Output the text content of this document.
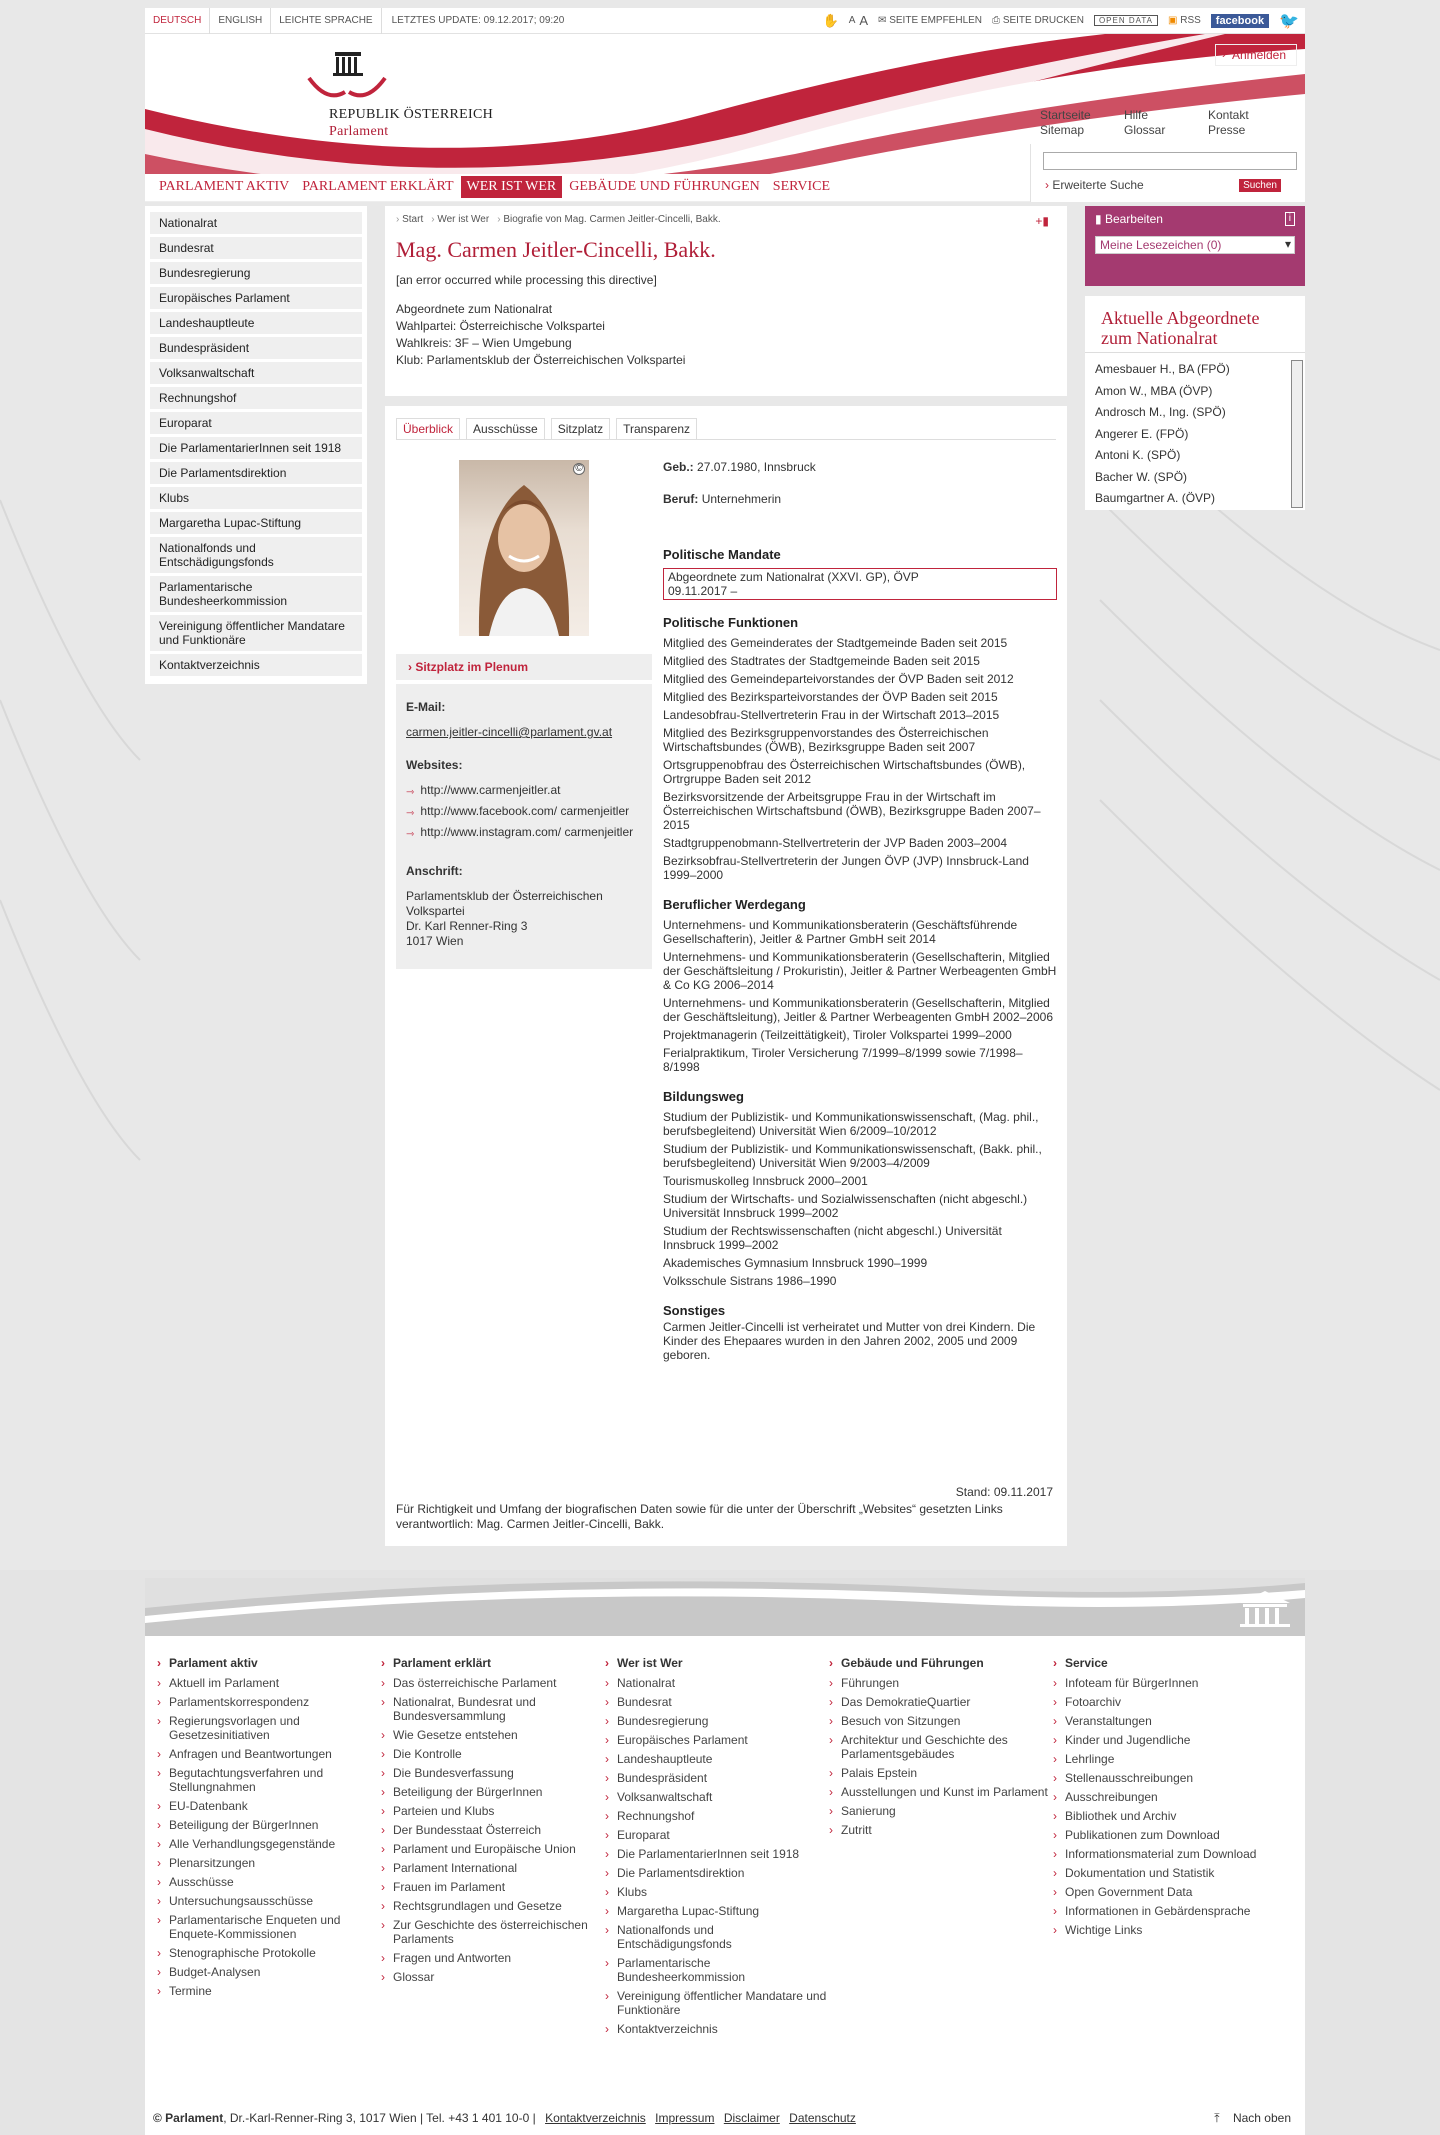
DEUTSCH	ENGLISH	LEICHTE SPRACHE	LETZTES UPDATE: 09.12.2017; 09:20	✋ A A ✉ SEITE EMPFEHLEN ⎙ SEITE DRUCKEN	OPEN DATA	▣ RSS	facebook 🐦
REPUBLIK ÖSTERREICH
Parlament
› Anmelden
Startseite	Hilfe	Kontakt
Sitemap	Glossar	Presse
PARLAMENT AKTIV PARLAMENT ERKLÄRT WER IST WER GEBÄUDE UND FÜHRUNGEN SERVICE	› Erweiterte Suche	Suchen
Nationalrat
Bundesrat
Bundesregierung
Europäisches Parlament
Landeshauptleute
Bundespräsident
Volksanwaltschaft
Rechnungshof
Europarat
Die ParlamentarierInnen seit 1918
Die Parlamentsdirektion
Klubs
Margaretha Lupac-Stiftung
Nationalfonds und Entschädigungsfonds
Parlamentarische Bundesheerkommission
Vereinigung öffentlicher Mandatare und Funktionäre
Kontaktverzeichnis
› Start	› Wer ist Wer	› Biografie von Mag. Carmen Jeitler-Cincelli, Bakk.	+▮
Mag. Carmen Jeitler-Cincelli, Bakk.
[an error occurred while processing this directive]
Abgeordnete zum Nationalrat
Wahlpartei: Österreichische Volkspartei
Wahlkreis: 3F – Wien Umgebung
Klub: Parlamentsklub der Österreichischen Volkspartei
Überblick	Ausschüsse	Sitzplatz	Transparenz
©
› Sitzplatz im Plenum
E-Mail:
carmen.jeitler-cincelli@parlament.gv.at
Websites:
⇾ http://www.carmenjeitler.at
⇾ http://www.facebook.com/ carmenjeitler
⇾ http://www.instagram.com/ carmenjeitler
Anschrift:
Parlamentsklub der Österreichischen Volkspartei
Dr. Karl Renner-Ring 3
1017 Wien
Geb.: 27.07.1980, Innsbruck
Beruf: Unternehmerin
Politische Mandate
Abgeordnete zum Nationalrat (XXVI. GP), ÖVP
09.11.2017 –
Politische Funktionen
Mitglied des Gemeinderates der Stadtgemeinde Baden seit 2015
Mitglied des Stadtrates der Stadtgemeinde Baden seit 2015
Mitglied des Gemeindeparteivorstandes der ÖVP Baden seit 2012
Mitglied des Bezirksparteivorstandes der ÖVP Baden seit 2015
Landesobfrau-Stellvertreterin Frau in der Wirtschaft 2013–2015
Mitglied des Bezirksgruppenvorstandes des Österreichischen Wirtschaftsbundes (ÖWB), Bezirksgruppe Baden seit 2007
Ortsgruppenobfrau des Österreichischen Wirtschaftsbundes (ÖWB), Ortrgruppe Baden seit 2012
Bezirksvorsitzende der Arbeitsgruppe Frau in der Wirtschaft im Österreichischen Wirtschaftsbund (ÖWB), Bezirksgruppe Baden 2007–2015
Stadtgruppenobmann-Stellvertreterin der JVP Baden 2003–2004
Bezirksobfrau-Stellvertreterin der Jungen ÖVP (JVP) Innsbruck-Land 1999–2000
Beruflicher Werdegang
Unternehmens- und Kommunikationsberaterin (Geschäftsführende Gesellschafterin), Jeitler & Partner GmbH seit 2014
Unternehmens- und Kommunikationsberaterin (Gesellschafterin, Mitglied der Geschäftsleitung / Prokuristin), Jeitler & Partner Werbeagenten GmbH & Co KG 2006–2014
Unternehmens- und Kommunikationsberaterin (Gesellschafterin, Mitglied der Geschäftsleitung), Jeitler & Partner Werbeagenten GmbH 2002–2006
Projektmanagerin (Teilzeittätigkeit), Tiroler Volkspartei 1999–2000
Ferialpraktikum, Tiroler Versicherung 7/1999–8/1999 sowie 7/1998–8/1998
Bildungsweg
Studium der Publizistik- und Kommunikationswissenschaft, (Mag. phil., berufsbegleitend) Universität Wien 6/2009–10/2012
Studium der Publizistik- und Kommunikationswissenschaft, (Bakk. phil., berufsbegleitend) Universität Wien 9/2003–4/2009
Tourismuskolleg Innsbruck 2000–2001
Studium der Wirtschafts- und Sozialwissenschaften (nicht abgeschl.) Universität Innsbruck 1999–2002
Studium der Rechtswissenschaften (nicht abgeschl.) Universität Innsbruck 1999–2002
Akademisches Gymnasium Innsbruck 1990–1999
Volksschule Sistrans 1986–1990
Sonstiges
Carmen Jeitler-Cincelli ist verheiratet und Mutter von drei Kindern. Die Kinder des Ehepaares wurden in den Jahren 2002, 2005 und 2009 geboren.
Stand: 09.11.2017
Für Richtigkeit und Umfang der biografischen Daten sowie für die unter der Überschrift „Websites“ gesetzten Links verantwortlich: Mag. Carmen Jeitler-Cincelli, Bakk.
▮ Bearbeiten	i
Meine Lesezeichen (0) ▾
Aktuelle Abgeordnete zum Nationalrat
Amesbauer H., BA (FPÖ)
Amon W., MBA (ÖVP)
Androsch M., Ing. (SPÖ)
Angerer E. (FPÖ)
Antoni K. (SPÖ)
Bacher W. (SPÖ)
Baumgartner A. (ÖVP)
› Parlament aktiv
› Aktuell im Parlament
› Parlamentskorrespondenz
› Regierungsvorlagen und Gesetzesinitiativen
› Anfragen und Beantwortungen
› Begutachtungsverfahren und Stellungnahmen
› EU-Datenbank
› Beteiligung der BürgerInnen
› Alle Verhandlungsgegenstände
› Plenarsitzungen
› Ausschüsse
› Untersuchungsausschüsse
› Parlamentarische Enqueten und Enquete-Kommissionen
› Stenographische Protokolle
› Budget-Analysen
› Termine
› Parlament erklärt
› Das österreichische Parlament
› Nationalrat, Bundesrat und Bundesversammlung
› Wie Gesetze entstehen
› Die Kontrolle
› Die Bundesverfassung
› Beteiligung der BürgerInnen
› Parteien und Klubs
› Der Bundesstaat Österreich
› Parlament und Europäische Union
› Parlament International
› Frauen im Parlament
› Rechtsgrundlagen und Gesetze
› Zur Geschichte des österreichischen Parlaments
› Fragen und Antworten
› Glossar
› Wer ist Wer
› Nationalrat
› Bundesrat
› Bundesregierung
› Europäisches Parlament
› Landeshauptleute
› Bundespräsident
› Volksanwaltschaft
› Rechnungshof
› Europarat
› Die ParlamentarierInnen seit 1918
› Die Parlamentsdirektion
› Klubs
› Margaretha Lupac-Stiftung
› Nationalfonds und Entschädigungsfonds
› Parlamentarische Bundesheerkommission
› Vereinigung öffentlicher Mandatare und Funktionäre
› Kontaktverzeichnis
› Gebäude und Führungen
› Führungen
› Das DemokratieQuartier
› Besuch von Sitzungen
› Architektur und Geschichte des Parlamentsgebäudes
› Palais Epstein
› Ausstellungen und Kunst im Parlament
› Sanierung
› Zutritt
› Service
› Infoteam für BürgerInnen
› Fotoarchiv
› Veranstaltungen
› Kinder und Jugendliche
› Lehrlinge
› Stellenausschreibungen
› Ausschreibungen
› Bibliothek und Archiv
› Publikationen zum Download
› Informationsmaterial zum Download
› Dokumentation und Statistik
› Open Government Data
› Informationen in Gebärdensprache
› Wichtige Links
© Parlament, Dr.-Karl-Renner-Ring 3, 1017 Wien | Tel. +43 1 401 10-0 | Kontaktverzeichnis Impressum Disclaimer Datenschutz	⤒    Nach oben
